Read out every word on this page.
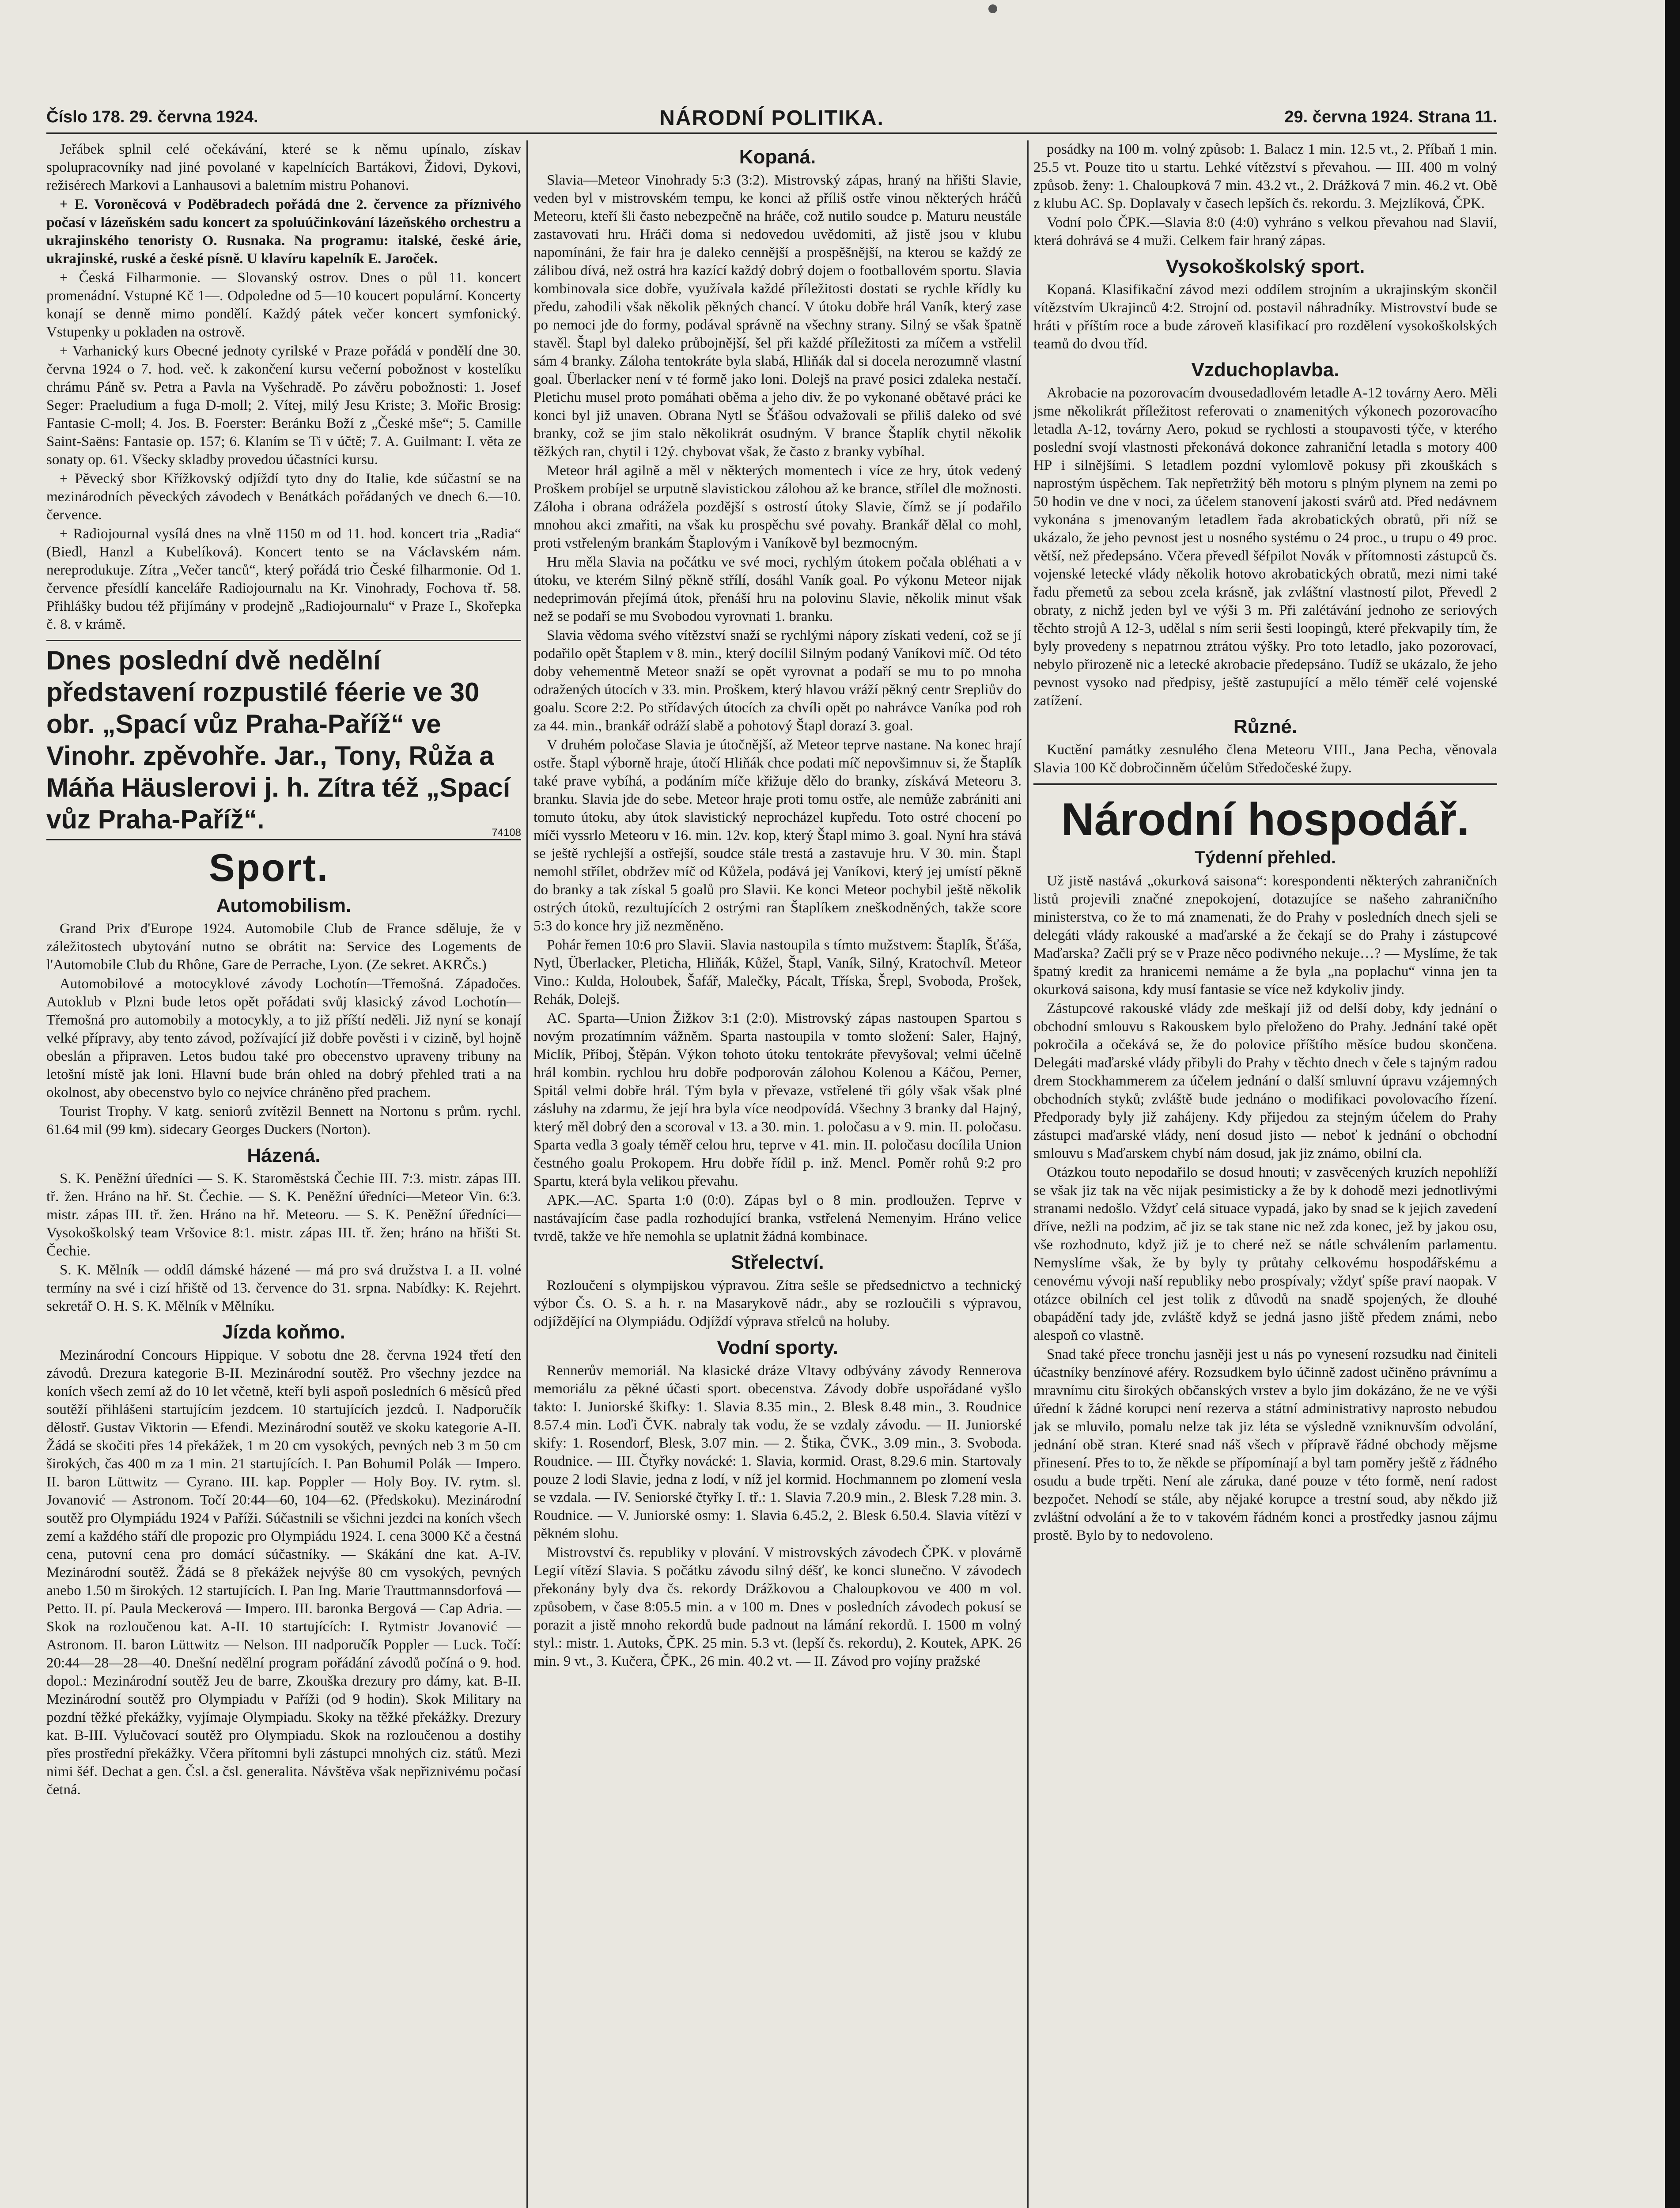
Číslo 178. 29. června 1924.	NÁRODNÍ POLITIKA.	29. června 1924. Strana 11.

Jeřábek splnil celé očekávání, které se k němu upínalo, získav spolupracovníky nad jiné povolané v kapelnících Bartákovi, Židovi, Dykovi, režisérech Markovi a Lanhausovi a baletním mistru Pohanovi.

+ E. Voroněcová v Poděbradech pořádá dne 2. července za příznivého počasí v lázeňském sadu koncert za spoluúčinkování lázeňského orchestru a ukrajinského tenoristy O. Rusnaka. Na programu: italské, české árie, ukrajinské, ruské a české písně. U klavíru kapelník E. Jaroček.

+ Česká Filharmonie. — Slovanský ostrov. Dnes o půl 11. koncert promenádní. Vstupné Kč 1—. Odpoledne od 5—10 koucert populární. Koncerty konají se denně mimo pondělí. Každý pátek večer koncert symfonický. Vstupenky u pokladen na ostrově.

+ Varhanický kurs Obecné jednoty cyrilské v Praze pořádá v pondělí dne 30. června 1924 o 7. hod. več. k zakončení kursu večerní pobožnost v kostelíku chrámu Páně sv. Petra a Pavla na Vyšehradě. Po závěru pobožnosti: 1. Josef Seger: Praeludium a fuga D-moll; 2. Vítej, milý Jesu Kriste; 3. Mořic Brosig: Fantasie C-moll; 4. Jos. B. Foerster: Beránku Boží z „České mše“; 5. Camille Saint-Saëns: Fantasie op. 157; 6. Klaním se Ti v účtě; 7. A. Guilmant: I. věta ze sonaty op. 61. Všecky skladby provedou účastníci kursu.

+ Pěvecký sbor Křížkovský odjíždí tyto dny do Italie, kde súčastní se na mezinárodních pěveckých závodech v Benátkách pořádaných ve dnech 6.—10. července.

+ Radiojournal vysílá dnes na vlně 1150 m od 11. hod. koncert tria „Radia“ (Biedl, Hanzl a Kubelíková). Koncert tento se na Václavském nám. nereprodukuje. Zítra „Večer tanců“, který pořádá trio České filharmonie. Od 1. července přesídlí kanceláře Radiojournalu na Kr. Vinohrady, Fochova tř. 58. Přihlášky budou též přijímány v prodejně „Radiojournalu“ v Praze I., Skořepka č. 8. v krámě.

Dnes poslední dvě nedělní představení rozpustilé féerie ve 30 obr. „Spací vůz Praha-Paříž“ ve Vinohr. zpěvohře. Jar., Tony, Růža a Máňa Häuslerovi j. h. Zítra též „Spací vůz Praha-Paříž“.	74108
Sport.
Automobilism.

Grand Prix d'Europe 1924. Automobile Club de France sděluje, že v záležitostech ubytování nutno se obrátit na: Service des Logements de l'Automobile Club du Rhône, Gare de Perrache, Lyon. (Ze sekret. AKRČs.)

Automobilové a motocyklové závody Lochotín—Třemošná. Západočes. Autoklub v Plzni bude letos opět pořádati svůj klasický závod Lochotín—Třemošná pro automobily a motocykly, a to již příští neděli. Již nyní se konají velké přípravy, aby tento závod, požívající již dobře pověsti i v cizině, byl hojně obeslán a připraven. Letos budou také pro obecenstvo upraveny tribuny na letošní místě jak loni. Hlavní bude brán ohled na dobrý přehled trati a na okolnost, aby obecenstvo bylo co nejvíce chráněno před prachem.

Tourist Trophy. V katg. seniorů zvítězil Bennett na Nortonu s prům. rychl. 61.64 mil (99 km). sidecary Georges Duckers (Norton).

Házená.

S. K. Peněžní úředníci — S. K. Staroměstská Čechie III. 7:3. mistr. zápas III. tř. žen. Hráno na hř. St. Čechie. — S. K. Peněžní úředníci—Meteor Vin. 6:3. mistr. zápas III. tř. žen. Hráno na hř. Meteoru. — S. K. Peněžní úředníci—Vysokoškolský team Vršovice 8:1. mistr. zápas III. tř. žen; hráno na hřišti St. Čechie.

S. K. Mělník — oddíl dámské házené — má pro svá družstva I. a II. volné termíny na své i cizí hřiště od 13. července do 31. srpna. Nabídky: K. Rejehrt. sekretář O. H. S. K. Mělník v Mělníku.

Jízda koňmo.

Mezinárodní Concours Hippique. V sobotu dne 28. června 1924 třetí den závodů. Drezura kategorie B-II. Mezinárodní soutěž. Pro všechny jezdce na koních všech zemí až do 10 let včetně, kteří byli aspoň posledních 6 měsíců před soutěží přihlášeni startujícím jezdcem. 10 startujících jezdců. I. Nadporučík dělostř. Gustav Viktorin — Efendi. Mezinárodní soutěž ve skoku kategorie A-II. Žádá se skočiti přes 14 překážek, 1 m 20 cm vysokých, pevných neb 3 m 50 cm širokých, čas 400 m za 1 min. 21 startujících. I. Pan Bohumil Polák — Impero. II. baron Lüttwitz — Cyrano. III. kap. Poppler — Holy Boy. IV. rytm. sl. Jovanović — Astronom. Točí 20:44—60, 104—62. (Předskoku). Mezinárodní soutěž pro Olympiádu 1924 v Paříži. Súčastnili se všichni jezdci na koních všech zemí a každého stáří dle propozic pro Olympiádu 1924. I. cena 3000 Kč a čestná cena, putovní cena pro domácí súčastníky. — Skákání dne kat. A-IV. Mezinárodní soutěž. Žádá se 8 překážek nejvýše 80 cm vysokých, pevných anebo 1.50 m širokých. 12 startujících. I. Pan Ing. Marie Trauttmannsdorfová — Petto. II. pí. Paula Meckerová — Impero. III. baronka Bergová — Cap Adria. — Skok na rozloučenou kat. A-II. 10 startujících: I. Rytmistr Jovanović — Astronom. II. baron Lüttwitz — Nelson. III nadporučík Poppler — Luck. Točí: 20:44—28—28—40. Dnešní nedělní program pořádání závodů počíná o 9. hod. dopol.: Mezinárodní soutěž Jeu de barre, Zkouška drezury pro dámy, kat. B-II. Mezinárodní soutěž pro Olympiadu v Paříži (od 9 hodin). Skok Military na pozdní těžké překážky, vyjímaje Olympiadu. Skoky na těžké překážky. Drezury kat. B-III. Vylučovací soutěž pro Olympiadu. Skok na rozloučenou a dostihy přes prostřední překážky. Včera přítomni byli zástupci mnohých ciz. států. Mezi nimi šéf. Dechat a gen. Čsl. a čsl. generalita. Návštěva však nepřiznivému počasí četná.

Kopaná.

Slavia—Meteor Vinohrady 5:3 (3:2). Mistrovský zápas, hraný na hřišti Slavie, veden byl v mistrovském tempu, ke konci až příliš ostře vinou některých hráčů Meteoru, kteří šli často nebezpečně na hráče, což nutilo soudce p. Maturu neustále zastavovati hru. Hráči doma si nedovedou uvědomiti, až jistě jsou v klubu napomínáni, že fair hra je daleko cennější a prospěšnější, na kterou se každý ze zálibou dívá, než ostrá hra kazící každý dobrý dojem o footballovém sportu. Slavia kombinovala sice dobře, využívala každé příležitosti dostati se rychle křídly ku předu, zahodili však několik pěkných chancí. V útoku dobře hrál Vaník, který zase po nemoci jde do formy, podával správně na všechny strany. Silný se však špatně stavěl. Štapl byl daleko průbojnější, šel při každé příležitosti za míčem a vstřelil sám 4 branky. Záloha tentokráte byla slabá, Hliňák dal si docela nerozumně vlastní goal. Überlacker není v té formě jako loni. Dolejš na pravé posici zdaleka nestačí. Pletichu musel proto pomáhati oběma a jeho div. že po vykonané obětavé práci ke konci byl již unaven. Obrana Nytl se Šťášou odvažovali se přiliš daleko od své branky, což se jim stalo několikrát osudným. V brance Štaplík chytil několik těžkých ran, chytil i 12ý. chybovat však, že často z branky vybíhal.

Meteor hrál agilně a měl v některých momentech i více ze hry, útok vedený Proškem probíjel se urputně slavistickou zálohou až ke brance, střílel dle možnosti. Záloha i obrana odrážela pozdější s ostrostí útoky Slavie, čímž se jí podařilo mnohou akci zmařiti, na však ku prospěchu své povahy. Brankář dělal co mohl, proti vstřeleným brankám Štaplovým i Vaníkově byl bezmocným.

Hru měla Slavia na počátku ve své moci, rychlým útokem počala obléhati a v útoku, ve kterém Silný pěkně střílí, dosáhl Vaník goal. Po výkonu Meteor nijak nedeprimován přejímá útok, přenáší hru na polovinu Slavie, několik minut však než se podaří se mu Svobodou vyrovnati 1. branku.

Slavia vědoma svého vítězství snaží se rychlými nápory získati vedení, což se jí podařilo opět Štaplem v 8. min., který docílil Silným podaný Vaníkovi míč. Od této doby vehementně Meteor snaží se opět vyrovnat a podaří se mu to po mnoha odražených útocích v 33. min. Proškem, který hlavou vráží pěkný centr Srepliův do goalu. Score 2:2. Po střídavých útocích za chvíli opět po nahrávce Vaníka pod roh za 44. min., brankář odráží slabě a pohotový Štapl dorazí 3. goal.

V druhém poločase Slavia je útočnější, až Meteor teprve nastane. Na konec hrají ostře. Štapl výborně hraje, útočí Hliňák chce podati míč nepovšimnuv si, že Štaplík také prave vybíhá, a podáním míče křižuje dělo do branky, získává Meteoru 3. branku. Slavia jde do sebe. Meteor hraje proti tomu ostře, ale nemůže zabrániti ani tomuto útoku, aby útok slavistický neprocházel kupředu. Toto ostré chocení po míči vyssrlo Meteoru v 16. min. 12v. kop, který Štapl mimo 3. goal. Nyní hra stává se ještě rychlejší a ostřejší, soudce stále trestá a zastavuje hru. V 30. min. Štapl nemohl střílet, obdržev míč od Kůžela, podává jej Vaníkovi, který jej umístí pěkně do branky a tak získal 5 goalů pro Slavii. Ke konci Meteor pochybil ještě několik ostrých útoků, rezultujících 2 ostrými ran Štaplíkem zneškodněných, takže score 5:3 do konce hry již nezměněno.

Pohár řemen 10:6 pro Slavii. Slavia nastoupila s tímto mužstvem: Štaplík, Šťáša, Nytl, Überlacker, Pleticha, Hliňák, Kůžel, Štapl, Vaník, Silný, Kratochvíl. Meteor Vino.: Kulda, Holoubek, Šafář, Malečky, Pácalt, Tříska, Šrepl, Svoboda, Prošek, Rehák, Dolejš.

AC. Sparta—Union Žižkov 3:1 (2:0). Mistrovský zápas nastoupen Spartou s novým prozatímním vážněm. Sparta nastoupila v tomto složení: Saler, Hajný, Miclík, Příboj, Štěpán. Výkon tohoto útoku tentokráte převyšoval; velmi účelně hrál kombin. rychlou hru dobře podporován zálohou Kolenou a Káčou, Perner, Spitál velmi dobře hrál. Tým byla v převaze, vstřelené tři góly však však plné zásluhy na zdarmu, že její hra byla více neodpovídá. Všechny 3 branky dal Hajný, který měl dobrý den a scoroval v 13. a 30. min. 1. poločasu a v 9. min. II. poločasu. Sparta vedla 3 goaly téměř celou hru, teprve v 41. min. II. poločasu docílila Union čestného goalu Prokopem. Hru dobře řídil p. inž. Mencl. Poměr rohů 9:2 pro Spartu, která byla velikou převahu.

APK.—AC. Sparta 1:0 (0:0). Zápas byl o 8 min. prodloužen. Teprve v nastávajícím čase padla rozhodující branka, vstřelená Nemenyim. Hráno velice tvrdě, takže ve hře nemohla se uplatnit žádná kombinace.

Střelectví.

Rozloučení s olympijskou výpravou. Zítra sešle se předsednictvo a technický výbor Čs. O. S. a h. r. na Masarykově nádr., aby se rozloučili s výpravou, odjíždějící na Olympiádu. Odjíždí výprava střelců na holuby.

Vodní sporty.

Rennerův memoriál. Na klasické dráze Vltavy odbývány závody Rennerova memoriálu za pěkné účasti sport. obecenstva. Závody dobře uspořádané vyšlo takto: I. Juniorské škifky: 1. Slavia 8.35 min., 2. Blesk 8.48 min., 3. Roudnice 8.57.4 min. Loďi ČVK. nabraly tak vodu, že se vzdaly závodu. — II. Juniorské skify: 1. Rosendorf, Blesk, 3.07 min. — 2. Štika, ČVK., 3.09 min., 3. Svoboda. Roudnice. — III. Čtyřky novácké: 1. Slavia, kormid. Orast, 8.29.6 min. Startovaly pouze 2 lodi Slavie, jedna z lodí, v níž jel kormid. Hochmannem po zlomení vesla se vzdala. — IV. Seniorské čtyřky I. tř.: 1. Slavia 7.20.9 min., 2. Blesk 7.28 min. 3. Roudnice. — V. Juniorské osmy: 1. Slavia 6.45.2, 2. Blesk 6.50.4. Slavia vítězí v pěkném slohu.

Mistrovství čs. republiky v plování. V mistrovských závodech ČPK. v plovárně Legií vítězí Slavia. S počátku závodu silný déšť, ke konci slunečno. V závodech překonány byly dva čs. rekordy Drážkovou a Chaloupkovou ve 400 m vol. způsobem, v čase 8:05.5 min. a v 100 m. Dnes v posledních závodech pokusí se porazit a jistě mnoho rekordů bude padnout na lámání rekordů. I. 1500 m volný styl.: mistr. 1. Autoks, ČPK. 25 min. 5.3 vt. (lepší čs. rekordu), 2. Koutek, APK. 26 min. 9 vt., 3. Kučera, ČPK., 26 min. 40.2 vt. — II. Závod pro vojíny pražské

posádky na 100 m. volný způsob: 1. Balacz 1 min. 12.5 vt., 2. Příbaň 1 min. 25.5 vt. Pouze tito u startu. Lehké vítězství s převahou. — III. 400 m volný způsob. ženy: 1. Chaloupková 7 min. 43.2 vt., 2. Drážková 7 min. 46.2 vt. Obě z klubu AC. Sp. Doplavaly v časech lepších čs. rekordu. 3. Mejzlíková, ČPK.

Vodní polo ČPK.—Slavia 8:0 (4:0) vyhráno s velkou převahou nad Slavií, která dohrává se 4 muži. Celkem fair hraný zápas.

Vysokoškolský sport.

Kopaná. Klasifikační závod mezi oddílem strojním a ukrajinským skončil vítězstvím Ukrajinců 4:2. Strojní od. postavil náhradníky. Mistrovství bude se hráti v příštím roce a bude zároveň klasifikací pro rozdělení vysokoškolských teamů do dvou tříd.

Vzduchoplavba.

Akrobacie na pozorovacím dvousedadlovém letadle A-12 továrny Aero. Měli jsme několikrát příležitost referovati o znamenitých výkonech pozorovacího letadla A-12, továrny Aero, pokud se rychlosti a stoupavosti týče, v kterého poslední svojí vlastnosti překonává dokonce zahraniční letadla s motory 400 HP i silnějšími. S letadlem pozdní vylomlově pokusy při zkouškách s naprostým úspěchem. Tak nepřetržitý běh motoru s plným plynem na zemi po 50 hodin ve dne v noci, za účelem stanovení jakosti svárů atd. Před nedávnem vykonána s jmenovaným letadlem řada akrobatických obratů, při níž se ukázalo, že jeho pevnost jest u nosného systému o 24 proc., u trupu o 49 proc. větší, než předepsáno. Včera převedl šéfpilot Novák v přítomnosti zástupců čs. vojenské letecké vlády několik hotovo akrobatických obratů, mezi nimi také řadu přemetů za sebou zcela krásně, jak zvláštní vlastností pilot, Převedl 2 obraty, z nichž jeden byl ve výši 3 m. Při zalétávání jednoho ze seriových těchto strojů A 12-3, udělal s ním serii šesti loopingů, které překvapily tím, že byly provedeny s nepatrnou ztrátou výšky. Pro toto letadlo, jako pozorovací, nebylo přirozeně nic a letecké akrobacie předepsáno. Tudíž se ukázalo, že jeho pevnost vysoko nad předpisy, ještě zastupující a mělo téměř celé vojenské zatížení.

Různé.

Kuctění památky zesnulého člena Meteoru VIII., Jana Pecha, věnovala Slavia 100 Kč dobročinněm účelům Středočeské župy.

Národní hospodář.
Týdenní přehled.

Už jistě nastává „okurková saisona“: korespondenti některých zahraničních listů projevili značné znepokojení, dotazujíce se našeho zahraničního ministerstva, co že to má znamenati, že do Prahy v posledních dnech sjeli se delegáti vlády rakouské a maďarské a že čekají se do Prahy i zástupcové Maďarska? Začli prý se v Praze něco podivného nekuje…? — Myslíme, že tak špatný kredit za hranicemi nemáme a že byla „na poplachu“ vinna jen ta okurková saisona, kdy musí fantasie se více než kdykoliv jindy.

Zástupcové rakouské vlády zde meškají již od delší doby, kdy jednání o obchodní smlouvu s Rakouskem bylo přeloženo do Prahy. Jednání také opět pokročila a očekává se, že do polovice příštího měsíce budou skončena. Delegáti maďarské vlády přibyli do Prahy v těchto dnech v čele s tajným radou drem Stockhammerem za účelem jednání o další smluvní úpravu vzájemných obchodních styků; zvláště bude jednáno o modifikaci povolovacího řízení. Předporady byly již zahájeny. Kdy přijedou za stejným účelem do Prahy zástupci maďarské vlády, není dosud jisto — neboť k jednání o obchodní smlouvu s Maďarskem chybí nám dosud, jak jiz známo, obilní cla.

Otázkou touto nepodařilo se dosud hnouti; v zasvěcených kruzích nepohlíží se však jiz tak na věc nijak pesimisticky a že by k dohodě mezi jednotlivými stranami nedošlo. Vždyť celá situace vypadá, jako by snad se k jejich zavedení dříve, nežli na podzim, ač jiz se tak stane nic než zda konec, jež by jakou osu, vše rozhodnuto, když již je to cheré než se nátle schválením parlamentu. Nemyslíme však, že by byly ty průtahy celkovému hospodářskému a cenovému vývoji naší republiky nebo prospívaly; vždyť spíše praví naopak. V otázce obilních cel jest tolik z důvodů na snadě spojených, že dlouhé obapádění tady jde, zvláště když se jedná jasno jiště předem známi, nebo alespoň co vlastně.

Snad také přece tronchu jasněji jest u nás po vynesení rozsudku nad činiteli účastníky benzínové aféry. Rozsudkem bylo účinně zadost učiněno právnímu a mravnímu citu širokých občanských vrstev a bylo jim dokázáno, že ne ve výši úřední k žádné korupci není rezerva a státní administrativy naprosto nebudou jak se mluvilo, pomalu nelze tak jiz léta se výsledně vzniknuvším odvolání, jednání obě stran. Které snad náš všech v přípravě řádné obchody mějsme přinesení. Přes to to, že někde se přípomínají a byl tam poměry ještě z řádného osudu a bude trpěti. Není ale záruka, dané pouze v této formě, není radost bezpočet. Nehodí se stále, aby nějaké korupce a trestní soud, aby někdo již zvláštní odvolání a že to v takovém řádném konci a prostředky jasnou zájmu prostě. Bylo by to nedovoleno.
